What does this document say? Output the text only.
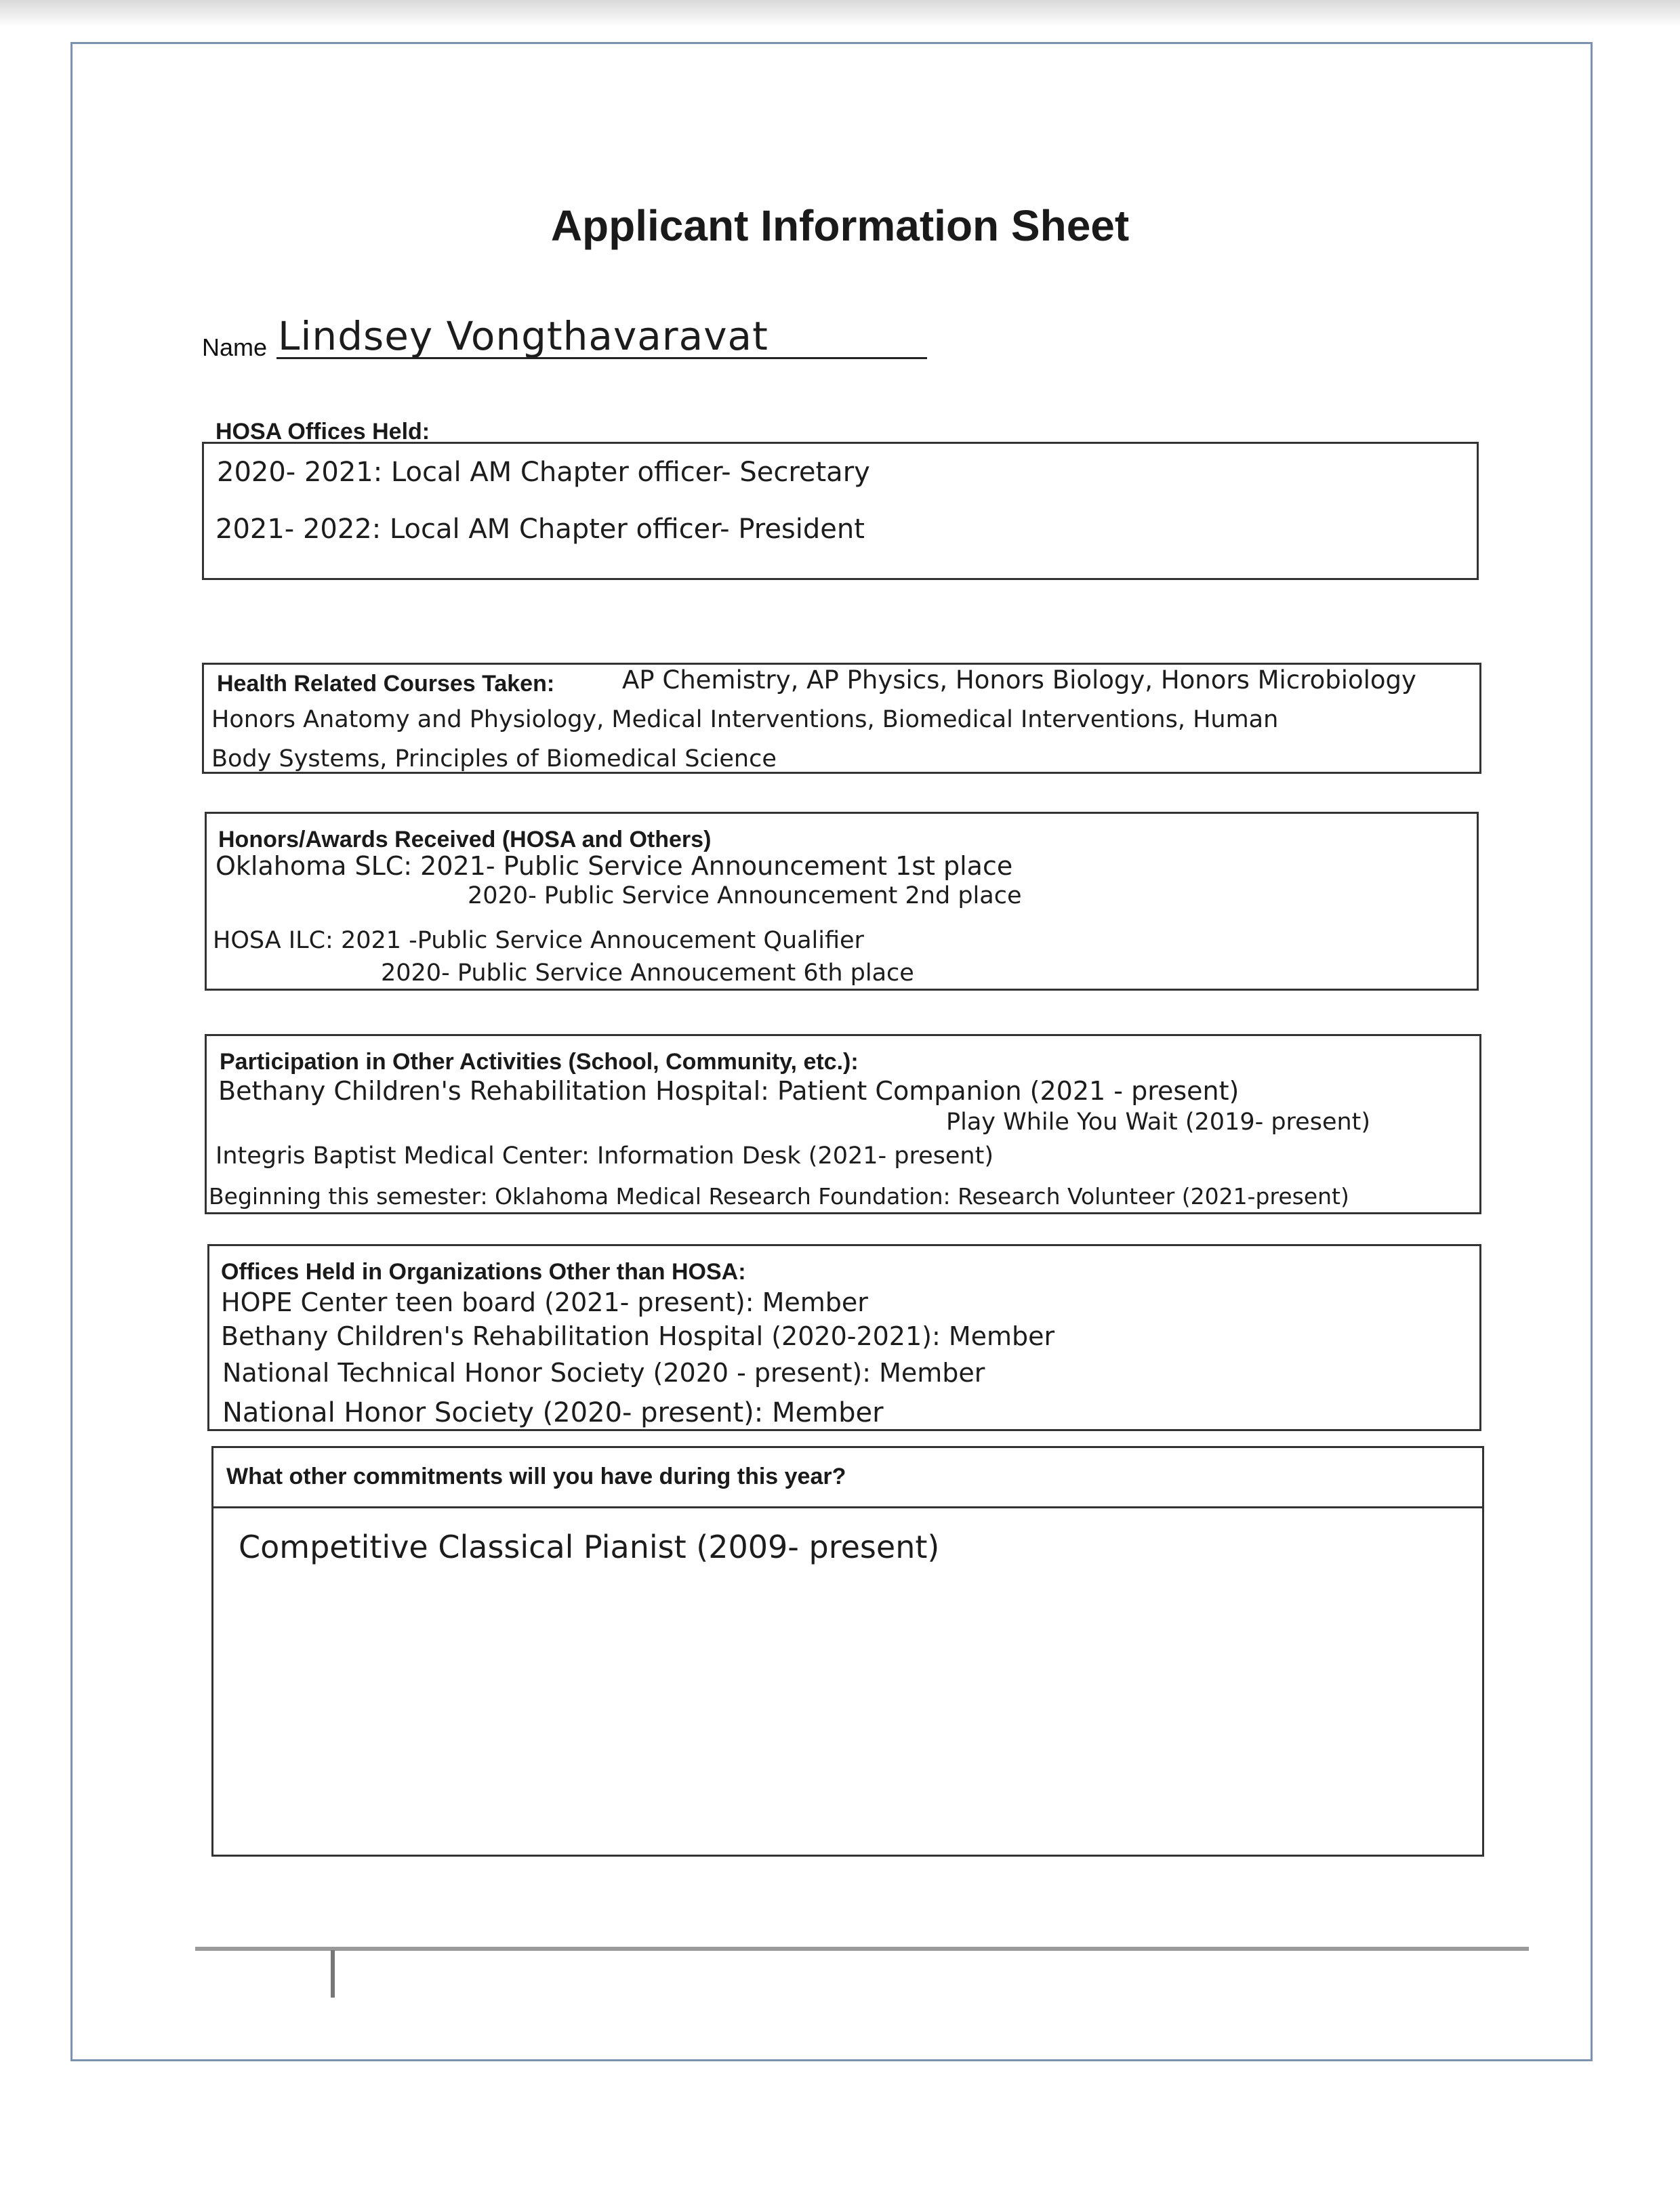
Applicant Information Sheet
Name Lindsey Vongthavaravat
HOSA Offices Held:
2020- 2021: Local AM Chapter officer- Secretary
2021- 2022: Local AM Chapter officer- President
Health Related Courses Taken:	AP Chemistry, AP Physics, Honors Biology, Honors Microbiology
Honors Anatomy and Physiology, Medical Interventions, Biomedical Interventions, Human
Body Systems, Principles of Biomedical Science
Honors/Awards Received (HOSA and Others)
Oklahoma SLC: 2021- Public Service Announcement 1st place
2020- Public Service Announcement 2nd place
HOSA ILC: 2021 -Public Service Annoucement Qualifier
2020- Public Service Annoucement 6th place
Participation in Other Activities (School, Community, etc.):
Bethany Children's Rehabilitation Hospital: Patient Companion (2021 - present)
Play While You Wait (2019- present)
Integris Baptist Medical Center: Information Desk (2021- present)
Beginning this semester: Oklahoma Medical Research Foundation: Research Volunteer (2021-present)
Offices Held in Organizations Other than HOSA:
HOPE Center teen board (2021- present): Member
Bethany Children's Rehabilitation Hospital (2020-2021): Member
National Technical Honor Society (2020 - present): Member
National Honor Society (2020- present): Member
What other commitments will you have during this year?
Competitive Classical Pianist (2009- present)
